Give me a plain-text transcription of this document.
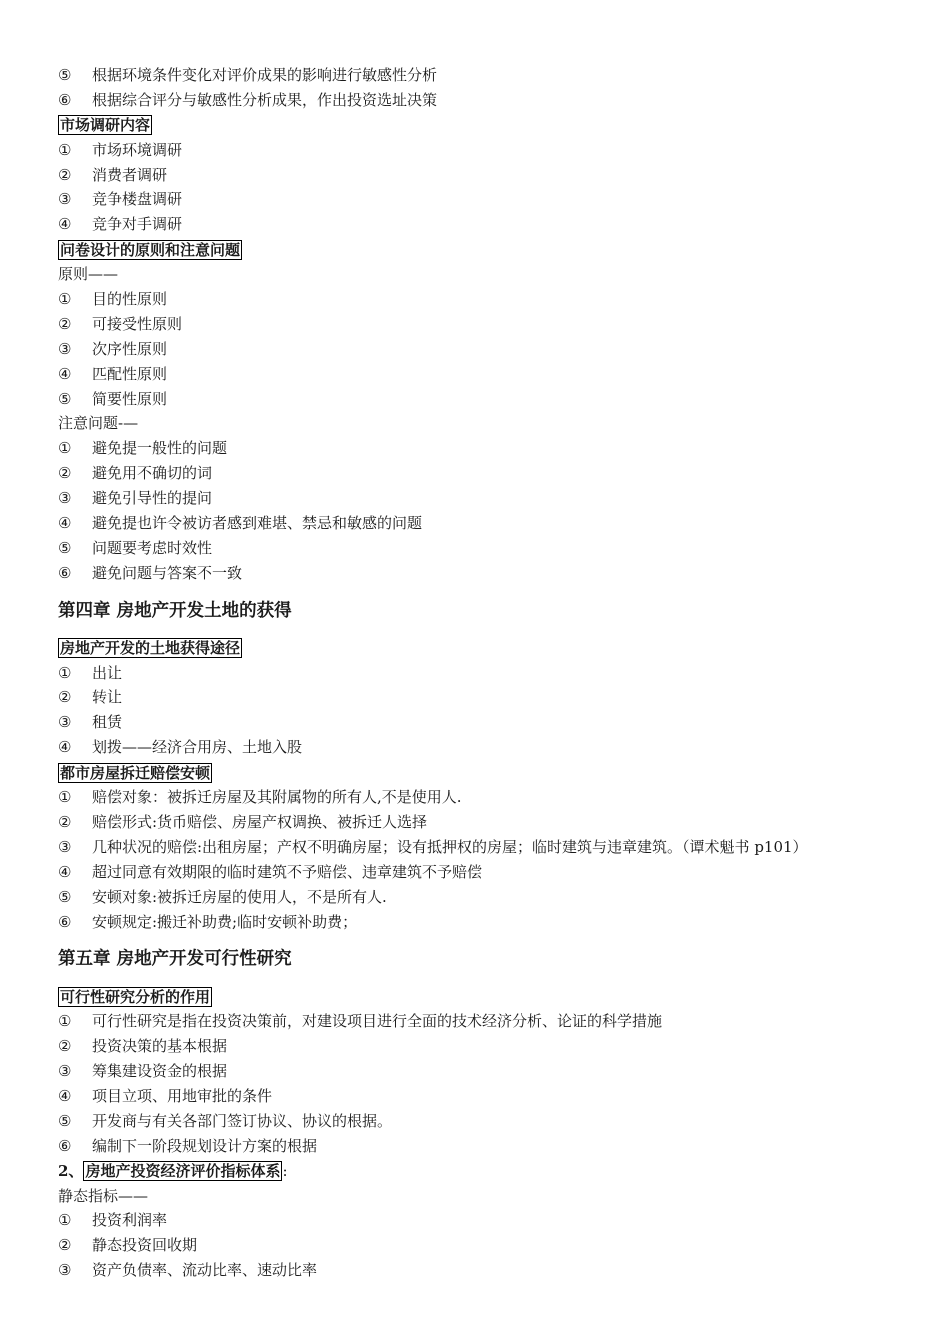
⑤ 根据环境条件变化对评价成果的影响进行敏感性分析
⑥ 根据综合评分与敏感性分析成果，作出投资选址决策
市场调研内容
① 市场环境调研
② 消费者调研
③ 竞争楼盘调研
④ 竞争对手调研
问卷设计的原则和注意问题
原则——
① 目的性原则
② 可接受性原则
③ 次序性原则
④ 匹配性原则
⑤ 简要性原则
注意问题-—
① 避免提一般性的问题
② 避免用不确切的词
③ 避免引导性的提问
④ 避免提也许令被访者感到难堪、禁忌和敏感的问题
⑤ 问题要考虑时效性
⑥ 避免问题与答案不一致
第四章 房地产开发土地的获得
房地产开发的土地获得途径
① 出让
② 转让
③ 租赁
④ 划拨——经济合用房、土地入股
都市房屋拆迁赔偿安顿
① 赔偿对象：被拆迁房屋及其附属物的所有人,不是使用人.
② 赔偿形式:货币赔偿、房屋产权调换、被拆迁人选择
③ 几种状况的赔偿:出租房屋；产权不明确房屋；设有抵押权的房屋；临时建筑与违章建筑。（谭术魁书 p101）
④ 超过同意有效期限的临时建筑不予赔偿、违章建筑不予赔偿
⑤ 安顿对象:被拆迁房屋的使用人，不是所有人.
⑥ 安顿规定:搬迁补助费;临时安顿补助费；
第五章 房地产开发可行性研究
可行性研究分析的作用
① 可行性研究是指在投资决策前，对建设项目进行全面的技术经济分析、论证的科学措施
② 投资决策的基本根据
③ 筹集建设资金的根据
④ 项目立项、用地审批的条件
⑤ 开发商与有关各部门签订协议、协议的根据。
⑥ 编制下一阶段规划设计方案的根据
2、 房地产投资经济评价指标体系 :
静态指标——
① 投资利润率
② 静态投资回收期
③ 资产负债率、流动比率、速动比率
